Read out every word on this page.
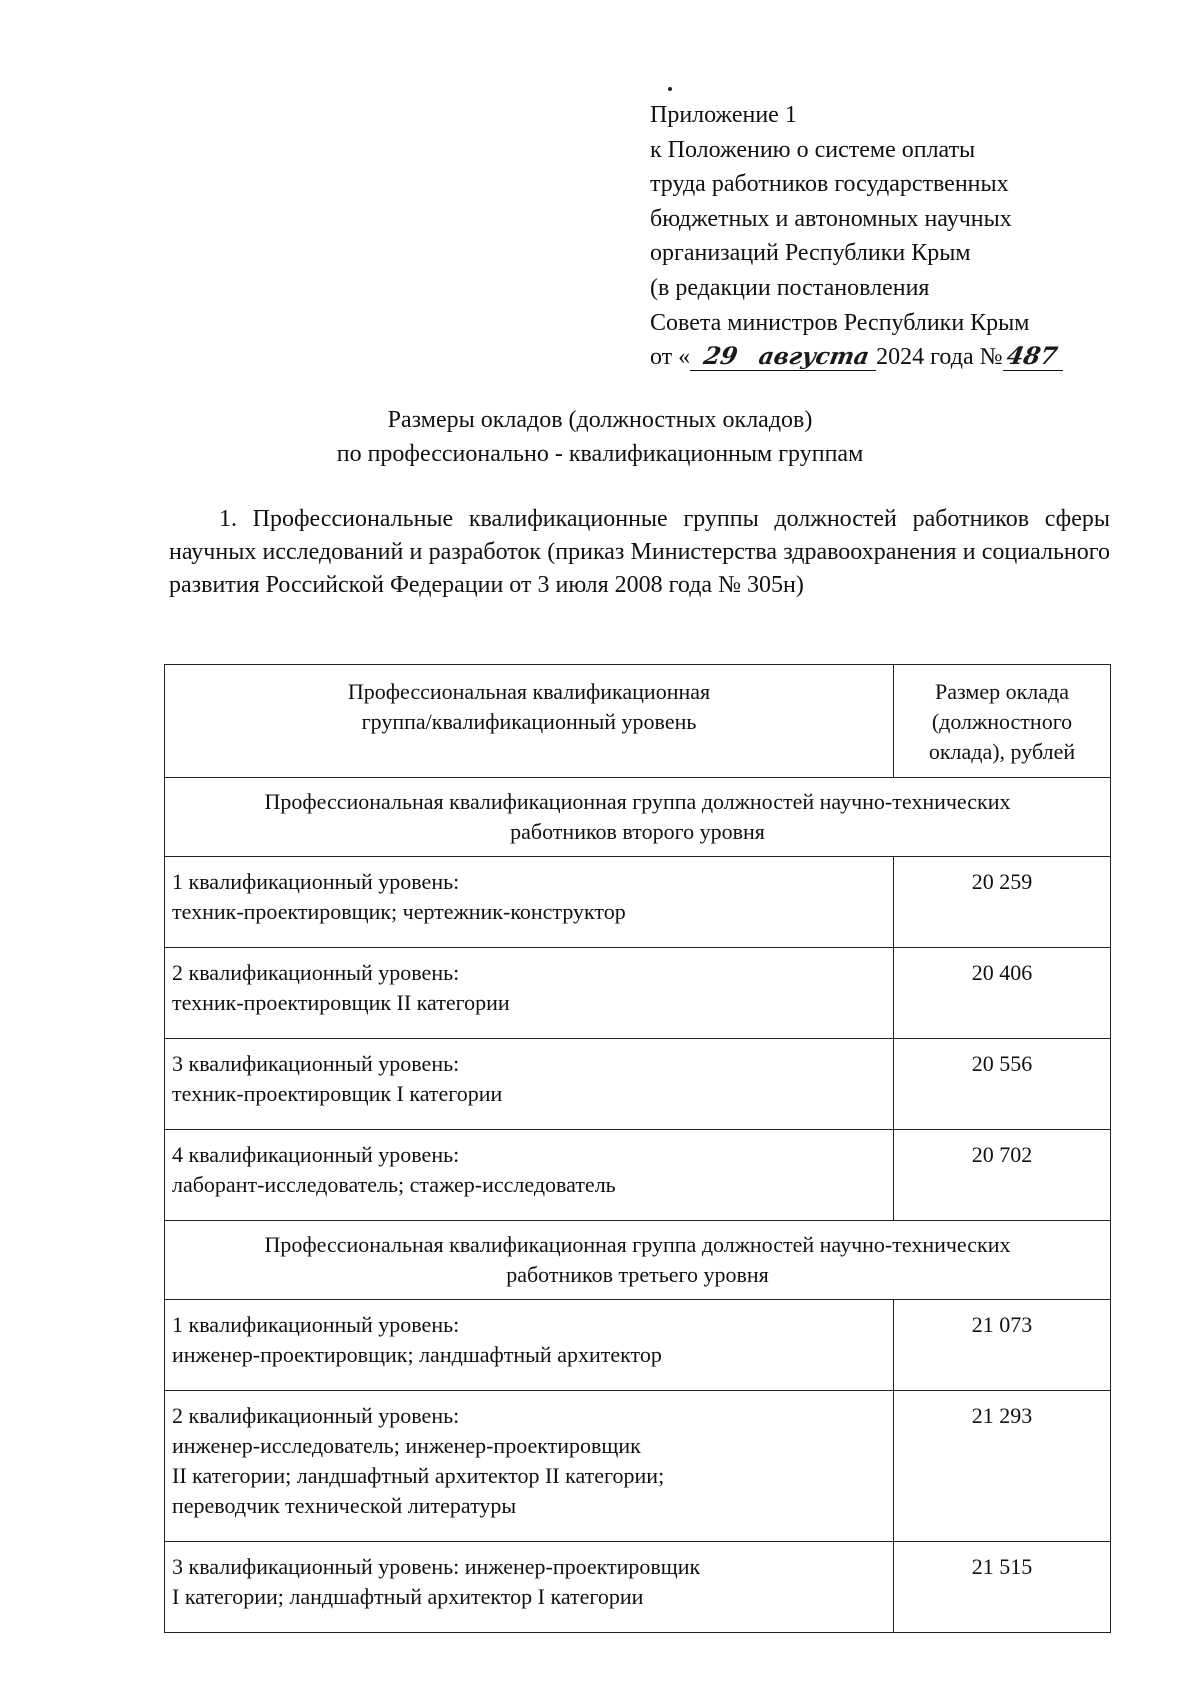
Приложение 1
к Положению о системе оплаты
труда работников государственных
бюджетных и автономных научных
организаций Республики Крым
(в редакции постановления
Совета министров Республики Крым
от « 29 августа 2024 года № 487
Размеры окладов (должностных окладов)
по профессионально - квалификационным группам
1. Профессиональные квалификационные группы должностей работников сферы научных исследований и разработок (приказ Министерства здравоохранения и социального развития Российской Федерации от 3 июля 2008 года № 305н)
Профессиональная квалификационная
группа/квалификационный уровень	Размер оклада
(должностного
оклада), рублей
Профессиональная квалификационная группа должностей научно-технических
работников второго уровня	

1 квалификационный уровень:
техник-проектировщик; чертежник-конструктор	20 259

2 квалификационный уровень:
техник-проектировщик II категории	20 406

3 квалификационный уровень:
техник-проектировщик I категории	20 556

4 квалификационный уровень:
лаборант-исследователь; стажер-исследователь	20 702
Профессиональная квалификационная группа должностей научно-технических
работников третьего уровня	

1 квалификационный уровень:
инженер-проектировщик; ландшафтный архитектор	21 073

2 квалификационный уровень:
инженер-исследователь; инженер-проектировщик
II категории; ландшафтный архитектор II категории;
переводчик технической литературы	21 293

3 квалификационный уровень: инженер-проектировщик
I категории; ландшафтный архитектор I категории	21 515
